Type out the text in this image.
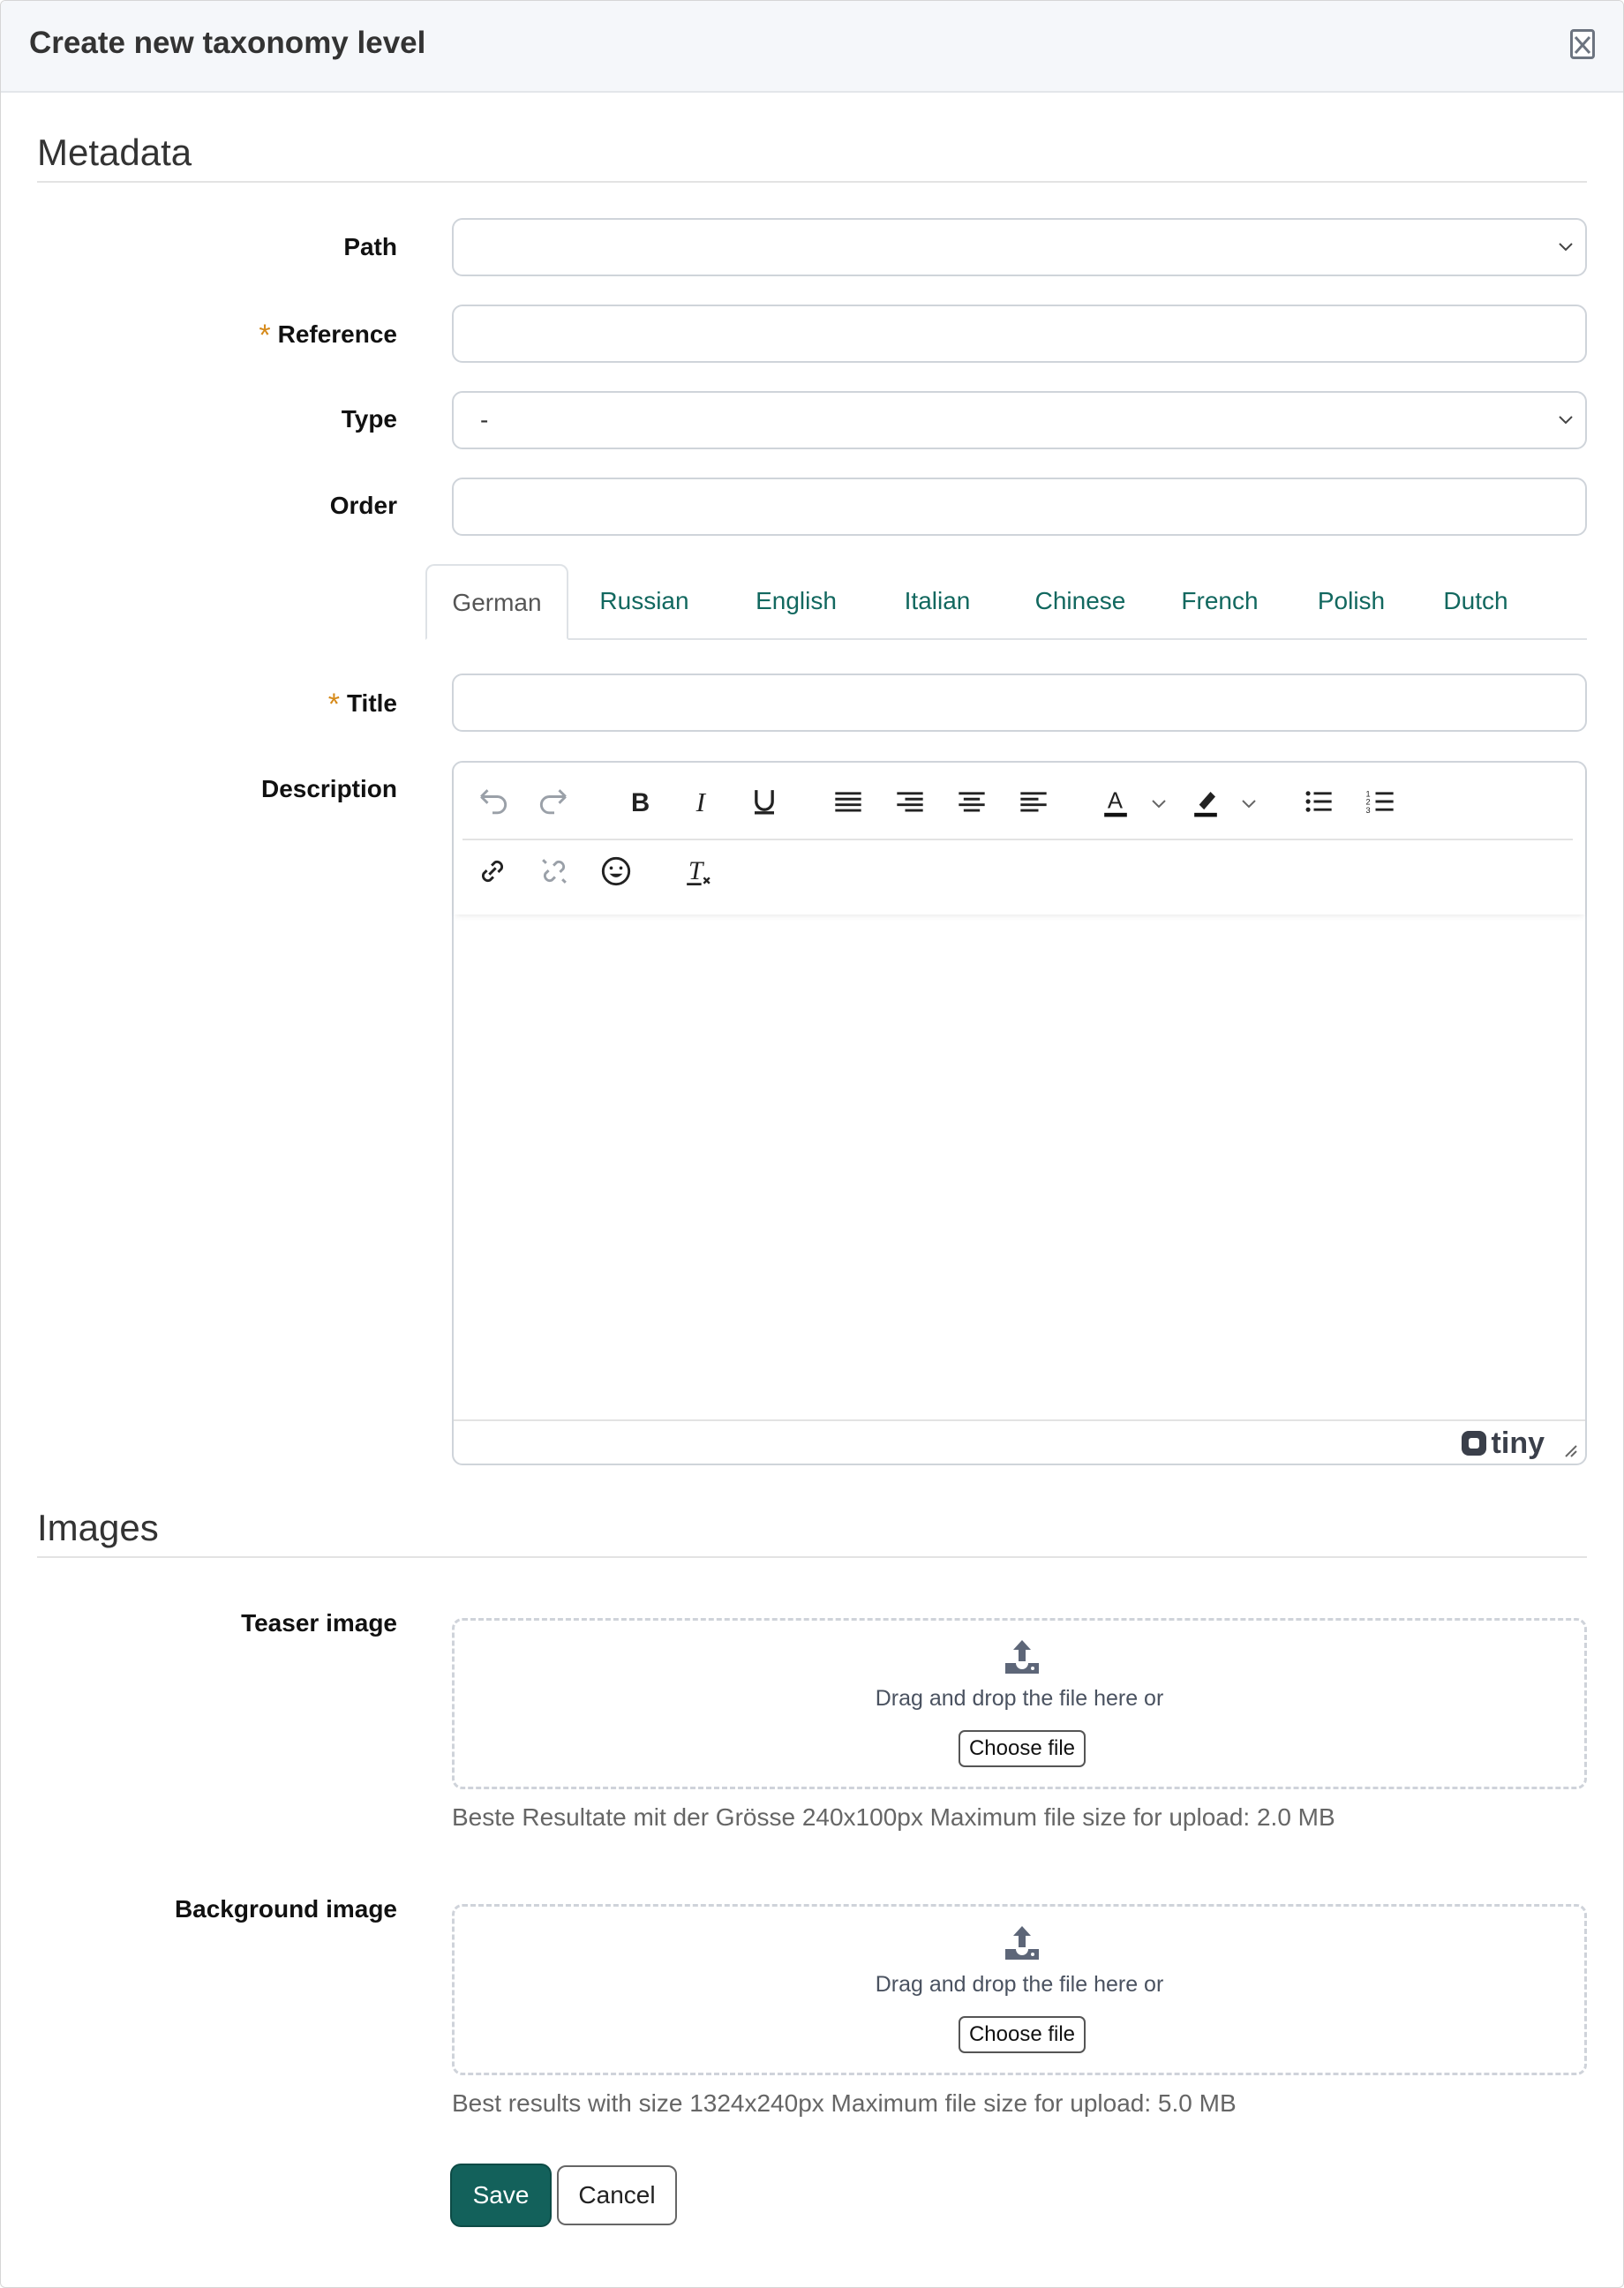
Create new taxonomy level
Metadata
Path
* Reference
Type	-
Order
German	Russian	English	Italian	Chinese	French	Polish	Dutch
* Title
Description	B	I	A	1
2
3
T
tiny
Images
Teaser image
Drag and drop the file here or
Choose file
Beste Resultate mit der Grösse 240x100px Maximum file size for upload: 2.0 MB
Background image
Drag and drop the file here or
Choose file
Best results with size 1324x240px Maximum file size for upload: 5.0 MB
Save	Cancel
